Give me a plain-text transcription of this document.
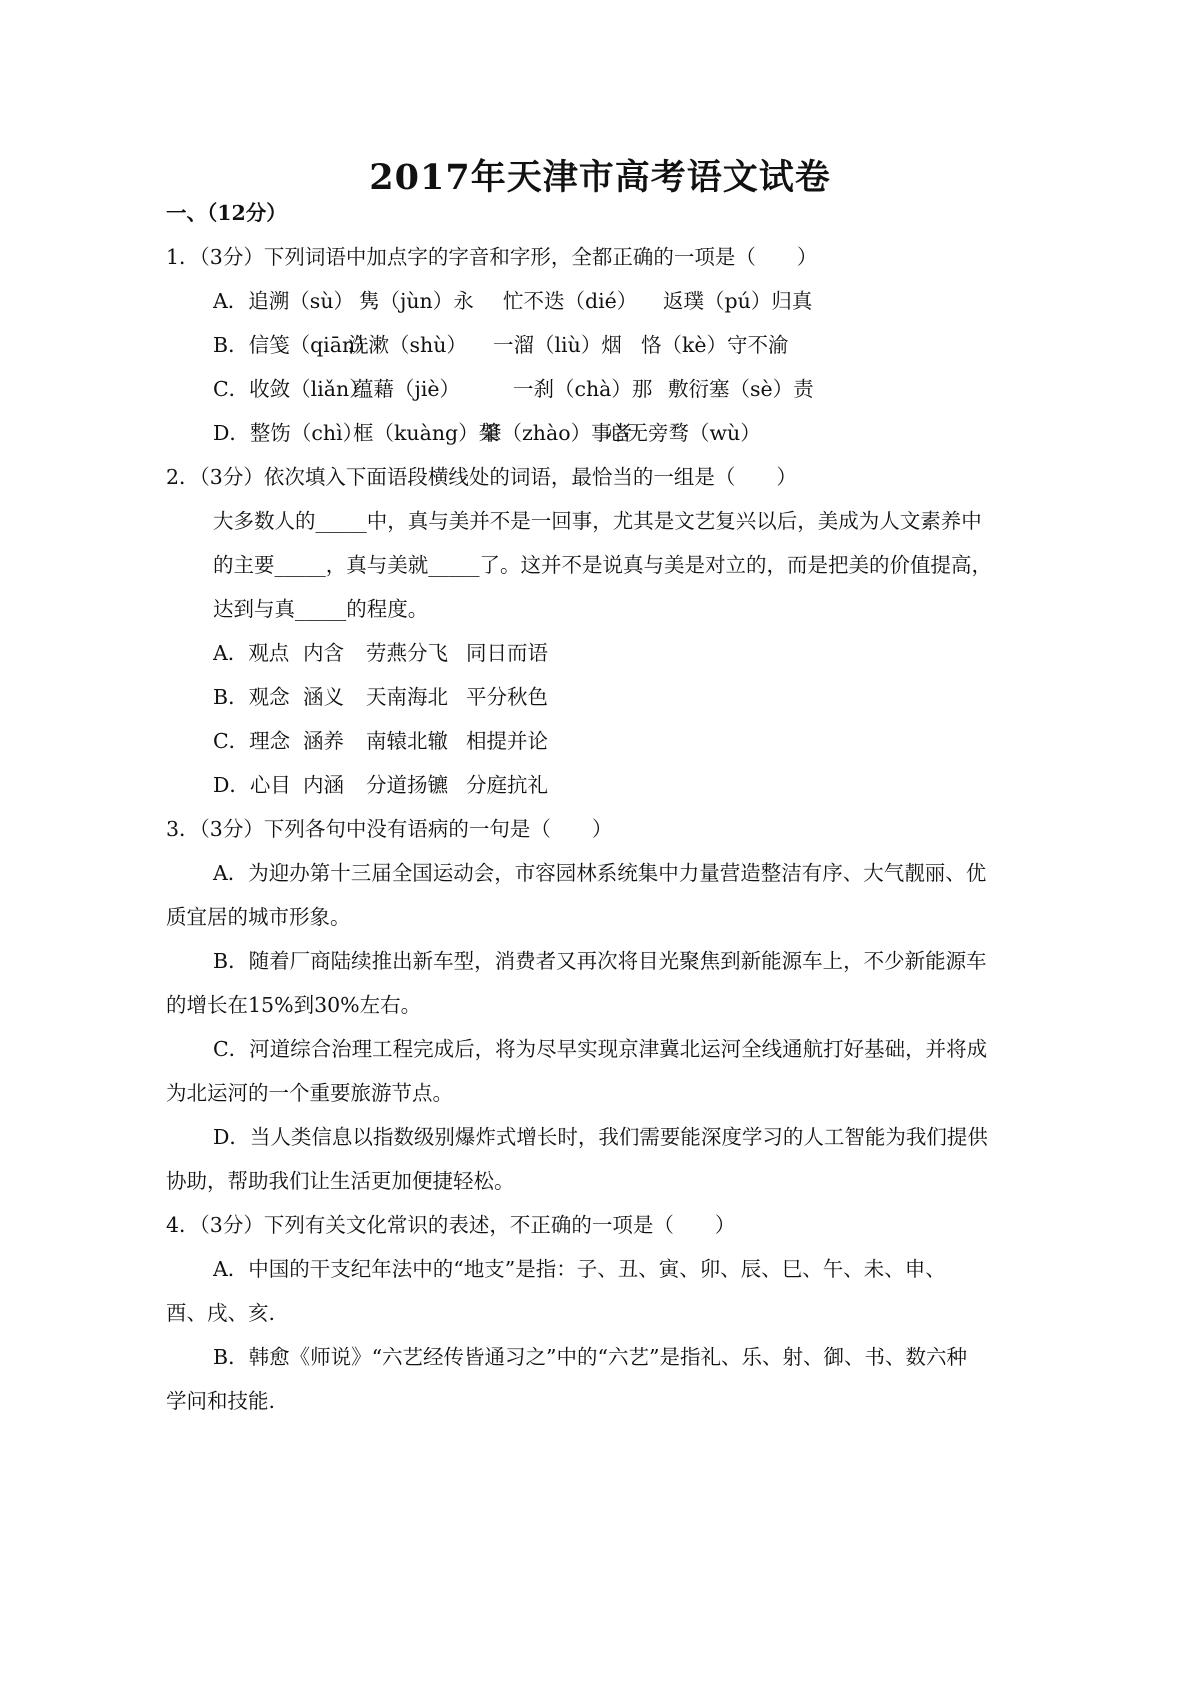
2017年天津市高考语文试卷
一、（12分）
1．（3分）下列词语中加点字的字音和字形，全都正确的一项是（　　）
A．追溯（sù） 隽（jùn）永 忙不迭（dié） 返璞（pú）归真
B．信笺（qiān）洗漱（shù） 一溜（liù）烟 恪（kè）守不渝
C．收敛（liǎn）蕴藉（jiè）	一刹（chà）那 敷衍塞（sè）责
D．整饬（chì）框（kuàng）架肇（zhào）事者心无旁骛（wù）
2．（3分）依次填入下面语段横线处的词语，最恰当的一组是（　　）
大多数人的_____中，真与美并不是一回事，尤其是文艺复兴以后，美成为人文素养中
的主要_____，真与美就_____了。这并不是说真与美是对立的，而是把美的价值提高，
达到与真_____的程度。
A．观点 内含 劳燕分飞 同日而语
B．观念 涵义 天南海北 平分秋色
C．理念 涵养 南辕北辙 相提并论
D．心目 内涵 分道扬镳 分庭抗礼
3．（3分）下列各句中没有语病的一句是（　　）
A．为迎办第十三届全国运动会，市容园林系统集中力量营造整洁有序、大气靓丽、优
质宜居的城市形象。
B．随着厂商陆续推出新车型，消费者又再次将目光聚焦到新能源车上，不少新能源车
的增长在15%到30%左右。
C．河道综合治理工程完成后，将为尽早实现京津冀北运河全线通航打好基础，并将成
为北运河的一个重要旅游节点。
D．当人类信息以指数级别爆炸式增长时，我们需要能深度学习的人工智能为我们提供
协助，帮助我们让生活更加便捷轻松。
4．（3分）下列有关文化常识的表述，不正确的一项是（　　）
A．中国的干支纪年法中的“地支”是指：子、丑、寅、卯、辰、巳、午、未、申、
酉、戌、亥.
B．韩愈《师说》“六艺经传皆通习之”中的“六艺”是指礼、乐、射、御、书、数六种
学问和技能.
